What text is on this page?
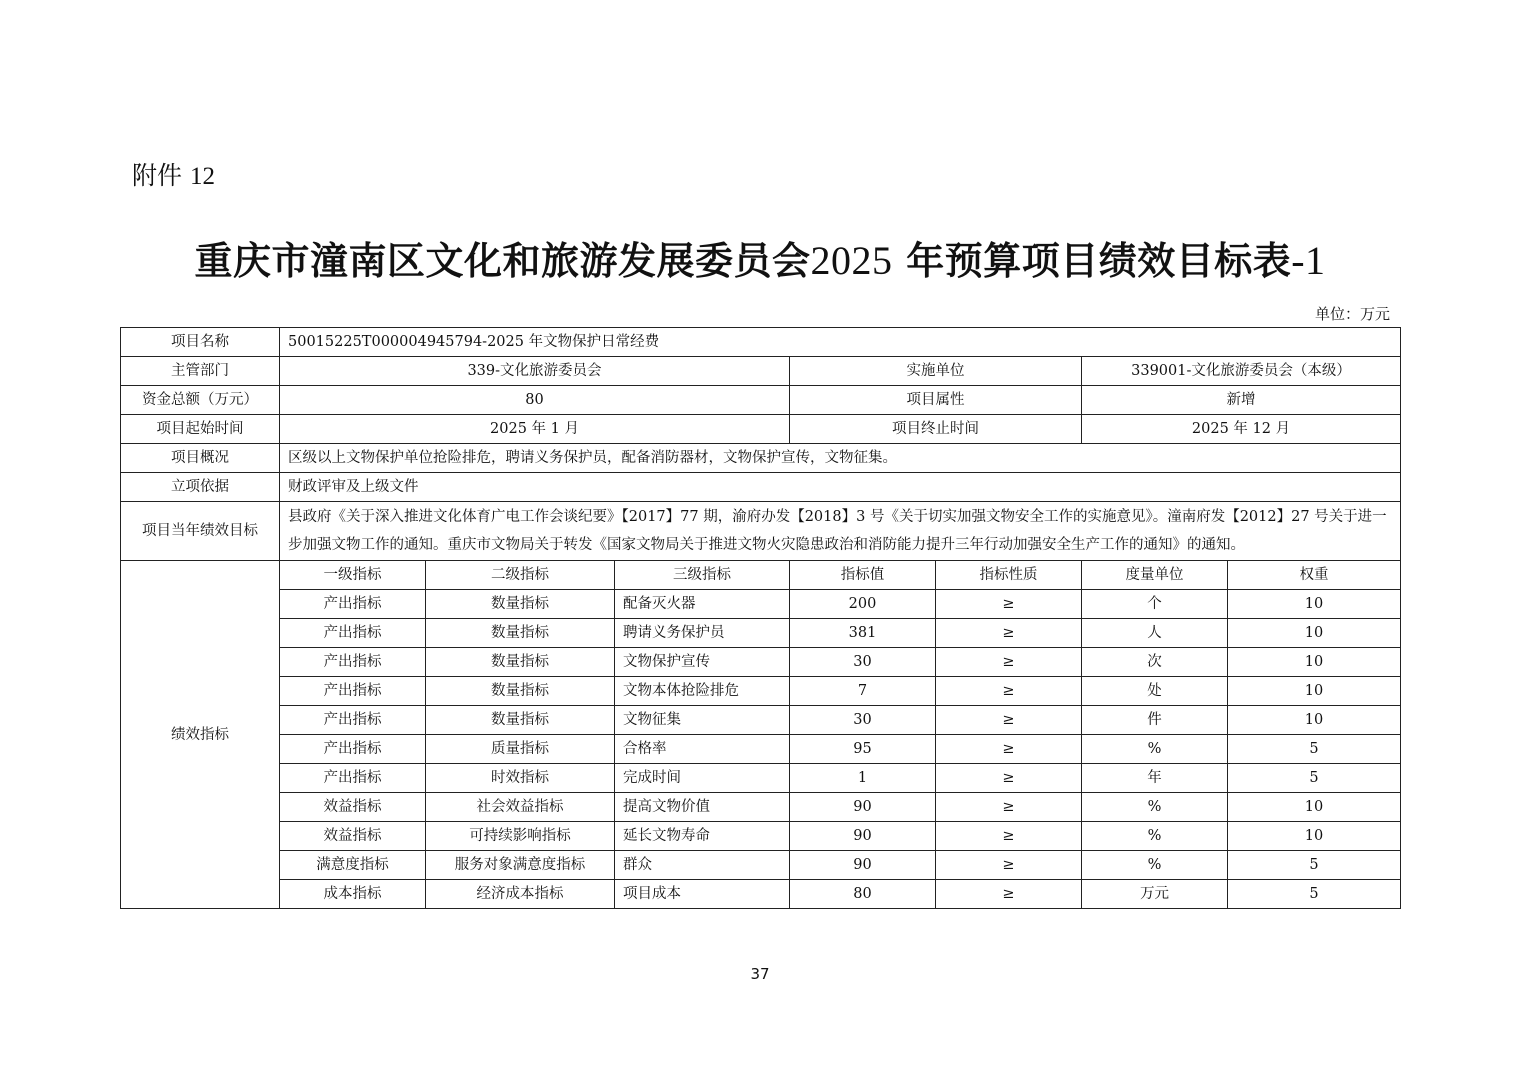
附件 12
重庆市潼南区文化和旅游发展委员会2025 年预算项目绩效目标表-1
单位：万元
项目名称	50015225T000004945794-2025 年文物保护日常经费						
主管部门	339-文化旅游委员会			实施单位		339001-文化旅游委员会（本级）	
资金总额（万元）	80			项目属性		新增	
项目起始时间	2025 年 1 月			项目终止时间		2025 年 12 月	
项目概况	区级以上文物保护单位抢险排危，聘请义务保护员，配备消防器材，文物保护宣传，文物征集。						
立项依据	财政评审及上级文件						
项目当年绩效目标	县政府《关于深入推进文化体育广电工作会谈纪要》【2017】77 期，渝府办发【2018】3 号《关于切实加强文物安全工作的实施意见》。潼南府发【2012】27 号关于进一步加强文物工作的通知。重庆市文物局关于转发《国家文物局关于推进文物火灾隐患政治和消防能力提升三年行动加强安全生产工作的通知》的通知。						
绩效指标	一级指标	二级指标	三级指标	指标值	指标性质	度量单位	权重
	产出指标	数量指标	配备灭火器	200	≥	个	10
	产出指标	数量指标	聘请义务保护员	381	≥	人	10
	产出指标	数量指标	文物保护宣传	30	≥	次	10
	产出指标	数量指标	文物本体抢险排危	7	≥	处	10
	产出指标	数量指标	文物征集	30	≥	件	10
	产出指标	质量指标	合格率	95	≥	%	5
	产出指标	时效指标	完成时间	1	≥	年	5
	效益指标	社会效益指标	提高文物价值	90	≥	%	10
	效益指标	可持续影响指标	延长文物寿命	90	≥	%	10
	满意度指标	服务对象满意度指标	群众	90	≥	%	5
	成本指标	经济成本指标	项目成本	80	≥	万元	5
37
